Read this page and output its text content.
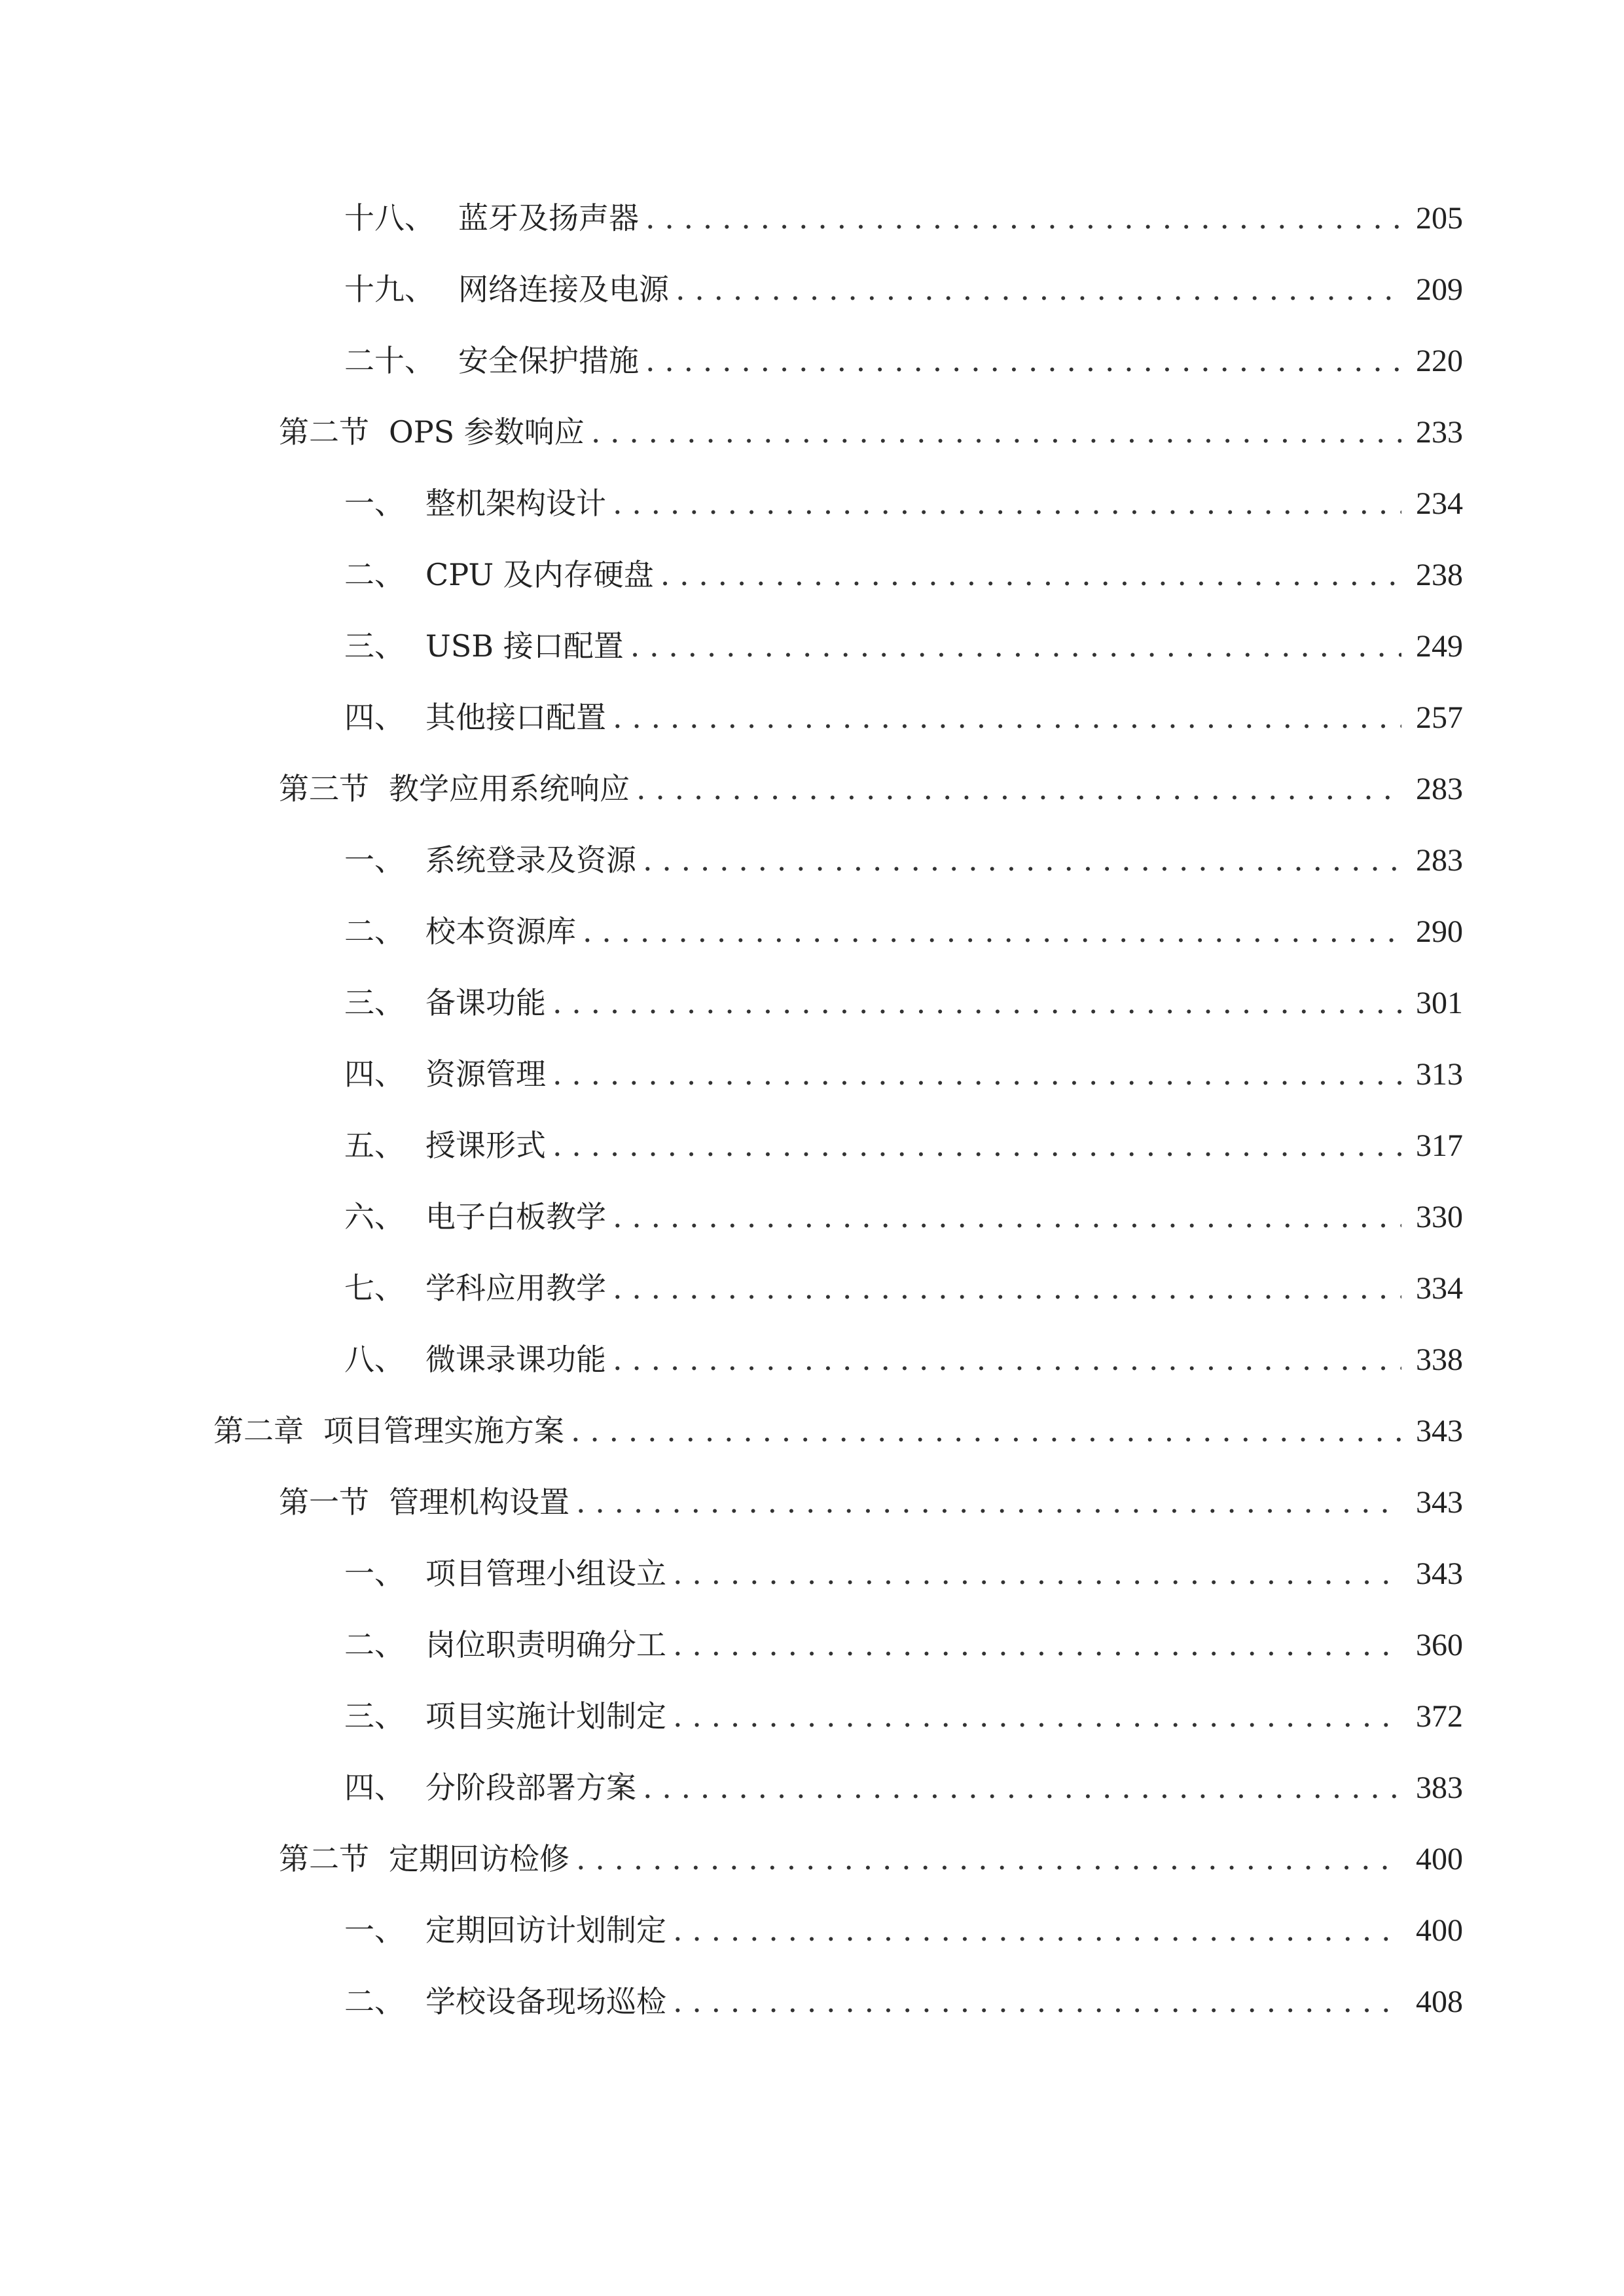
十八、 蓝牙及扬声器 . . .	205
十九、 网络连接及电源 . . .	209
二十、 安全保护措施 . . .	220
第二节 OPS 参数响应 . . .	233
一、 整机架构设计 . . .	234
二、 CPU 及内存硬盘 . . .	238
三、 USB 接口配置 . . .	249
四、 其他接口配置 . . .	257
第三节 教学应用系统响应 . . .	283
一、 系统登录及资源 . . .	283
二、 校本资源库 . . .	290
三、 备课功能 . . .	301
四、 资源管理 . . .	313
五、 授课形式 . . .	317
六、 电子白板教学 . . .	330
七、 学科应用教学 . . .	334
八、 微课录课功能 . . .	338
第二章 项目管理实施方案 . . .	343
第一节 管理机构设置 . . .	343
一、 项目管理小组设立 . . .	343
二、 岗位职责明确分工 . . .	360
三、 项目实施计划制定 . . .	372
四、 分阶段部署方案 . . .	383
第二节 定期回访检修 . . .	400
一、 定期回访计划制定 . . .	400
二、 学校设备现场巡检 . . .	408
